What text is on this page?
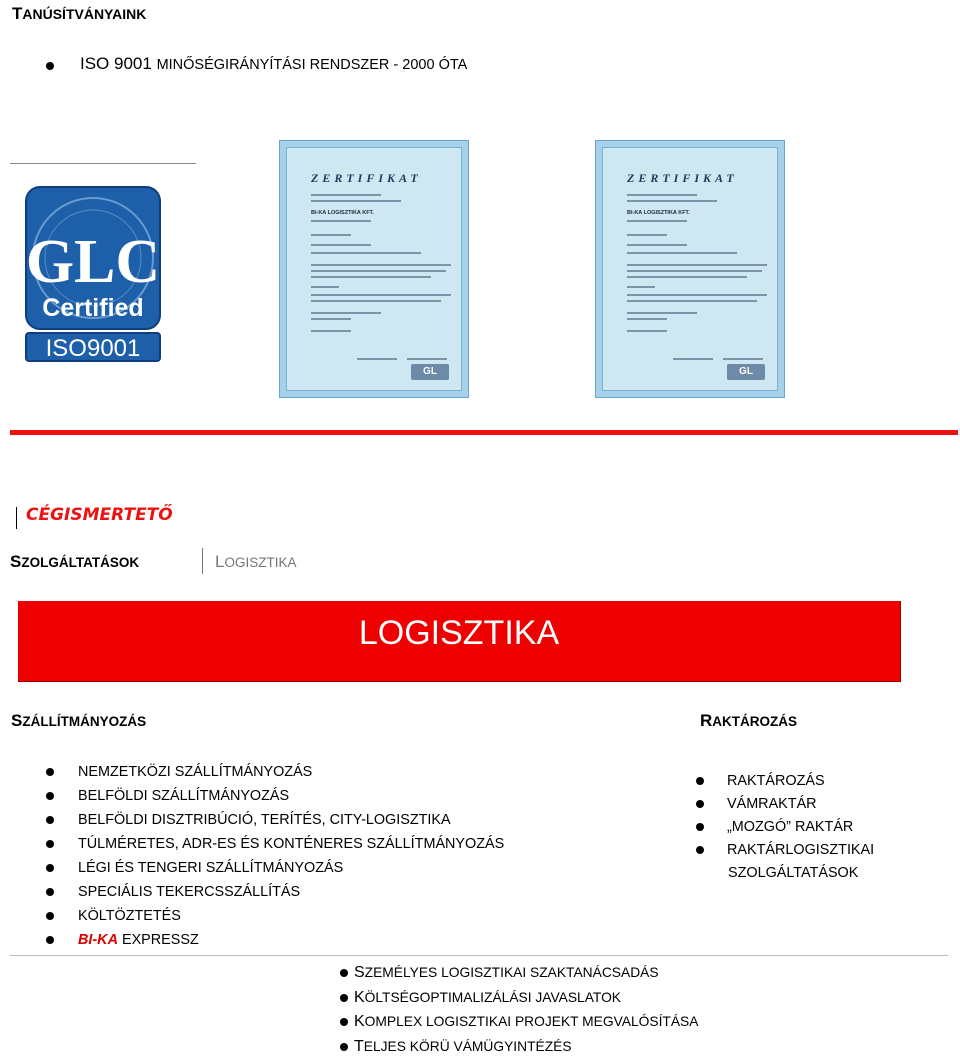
TANÚSÍTVÁNYAINK
ISO 9001 MINŐSÉGIRÁNYÍTÁSI RENDSZER - 2000 ÓTA
GLC
Certified
ISO9001
ZERTIFIKAT
BI-KA LOGISZTIKA KFT.
GL
ZERTIFIKAT
BI-KA LOGISZTIKA KFT.
GL
CÉGISMERTETŐ
SZOLGÁLTATÁSOK	LOGISZTIKA
LOGISZTIKA
SZÁLLÍTMÁNYOZÁS	RAKTÁROZÁS
NEMZETKÖZI SZÁLLÍTMÁNYOZÁS
BELFÖLDI SZÁLLÍTMÁNYOZÁS
BELFÖLDI DISZTRIBÚCIÓ, TERÍTÉS, CITY-LOGISZTIKA
TÚLMÉRETES, ADR-ES ÉS KONTÉNERES SZÁLLÍTMÁNYOZÁS
LÉGI ÉS TENGERI SZÁLLÍTMÁNYOZÁS
SPECIÁLIS TEKERCSSZÁLLÍTÁS
KÖLTÖZTETÉS
BI-KA EXPRESSZ
RAKTÁROZÁS
VÁMRAKTÁR
„MOZGÓ” RAKTÁR
RAKTÁRLOGISZTIKAI
SZOLGÁLTATÁSOK
SZEMÉLYES LOGISZTIKAI SZAKTANÁCSADÁS
KÖLTSÉGOPTIMALIZÁLÁSI JAVASLATOK
KOMPLEX LOGISZTIKAI PROJEKT MEGVALÓSÍTÁSA
TELJES KÖRÜ VÁMÜGYINTÉZÉS
